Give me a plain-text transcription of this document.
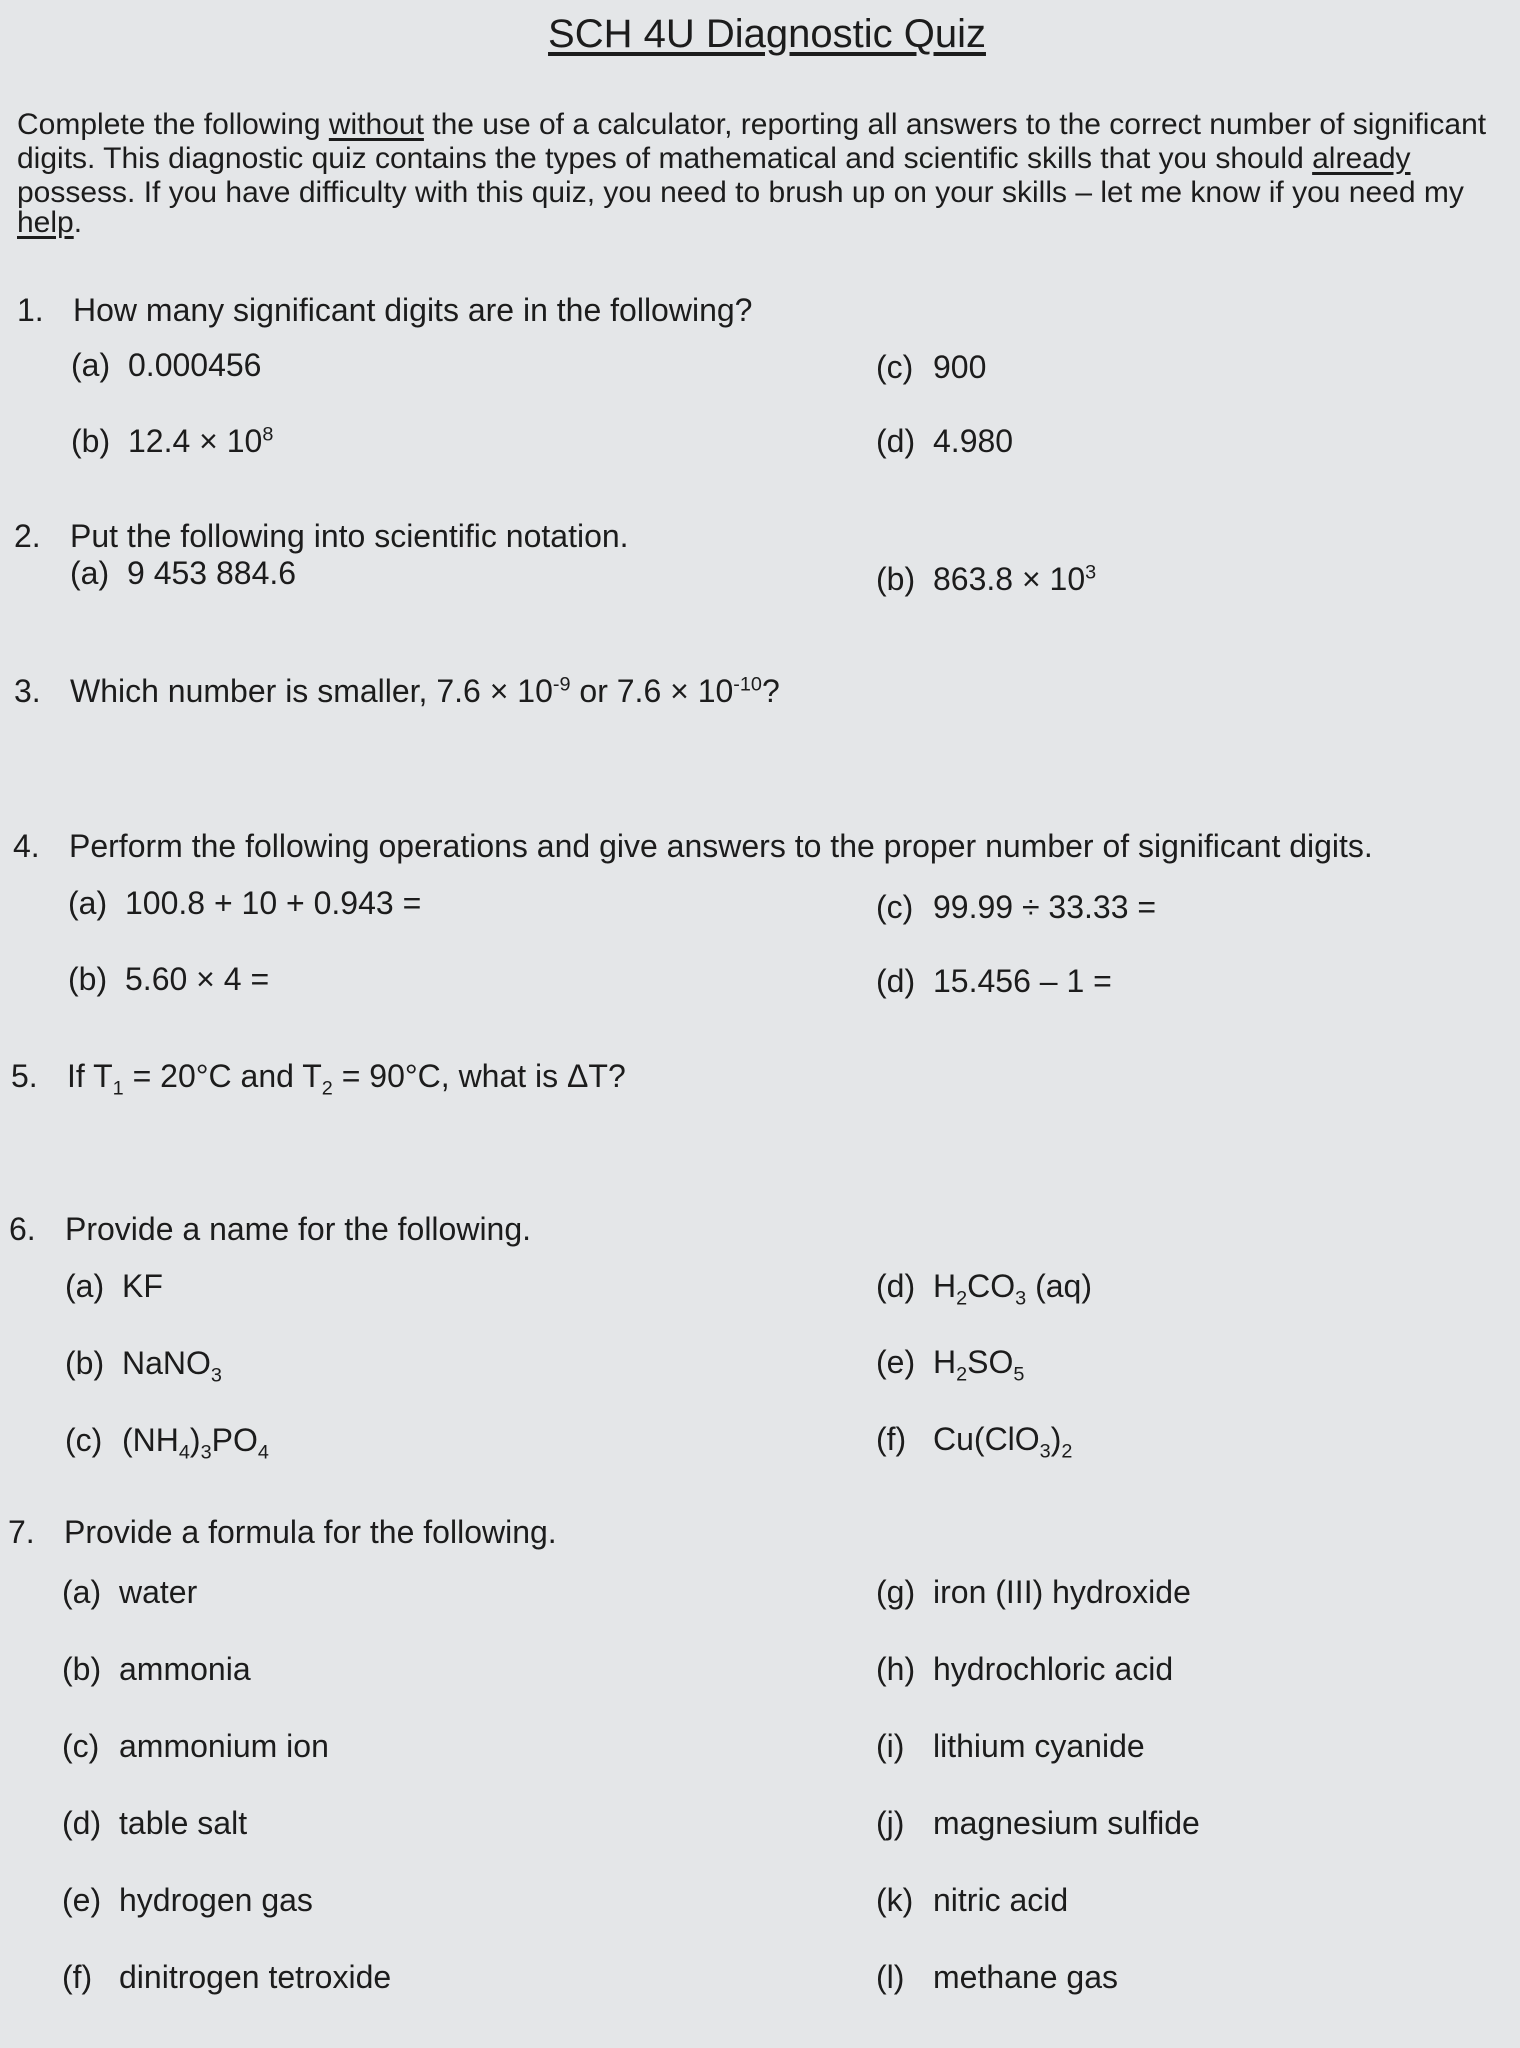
SCH 4U Diagnostic Quiz
Complete the following without the use of a calculator, reporting all answers to the correct number of significant
digits. This diagnostic quiz contains the types of mathematical and scientific skills that you should already
possess. If you have difficulty with this quiz, you need to brush up on your skills – let me know if you need my
help.
1. How many significant digits are in the following?
(a) 0.000456
(b) $12.4 \times 10^8$
(c) 900
(d) 4.980
2. Put the following into scientific notation.
(a) 9 453 884.6	(b) $863.8 \times 10^3$
3. Which number is smaller, $7.6 \times 10^{-9}$ or $7.6 \times 10^{-10}$?
4. Perform the following operations and give answers to the proper number of significant digits.
(a) 100.8 + 10 + 0.943 =
(b) 5.60 × 4 =
(c) 99.99 ÷ 33.33 =
(d) 15.456 – 1 =
5. If $T_1 = 20^\circ C$ and $T_2 = 90^\circ C$, what is ΔT?
6. Provide a name for the following.
(a) KF
(b) NaNO$_3$
(c) $(NH_4)_3PO_4$
(d) $H_2CO_3$ (aq)
(e) $H_2SO_5$
(f) $Cu(ClO_3)_2$
7. Provide a formula for the following.
(a) water
(b) ammonia
(c) ammonium ion
(d) table salt
(e) hydrogen gas
(f) dinitrogen tetroxide
(g) iron (III) hydroxide
(h) hydrochloric acid
(i) lithium cyanide
(j) magnesium sulfide
(k) nitric acid
(l) methane gas
